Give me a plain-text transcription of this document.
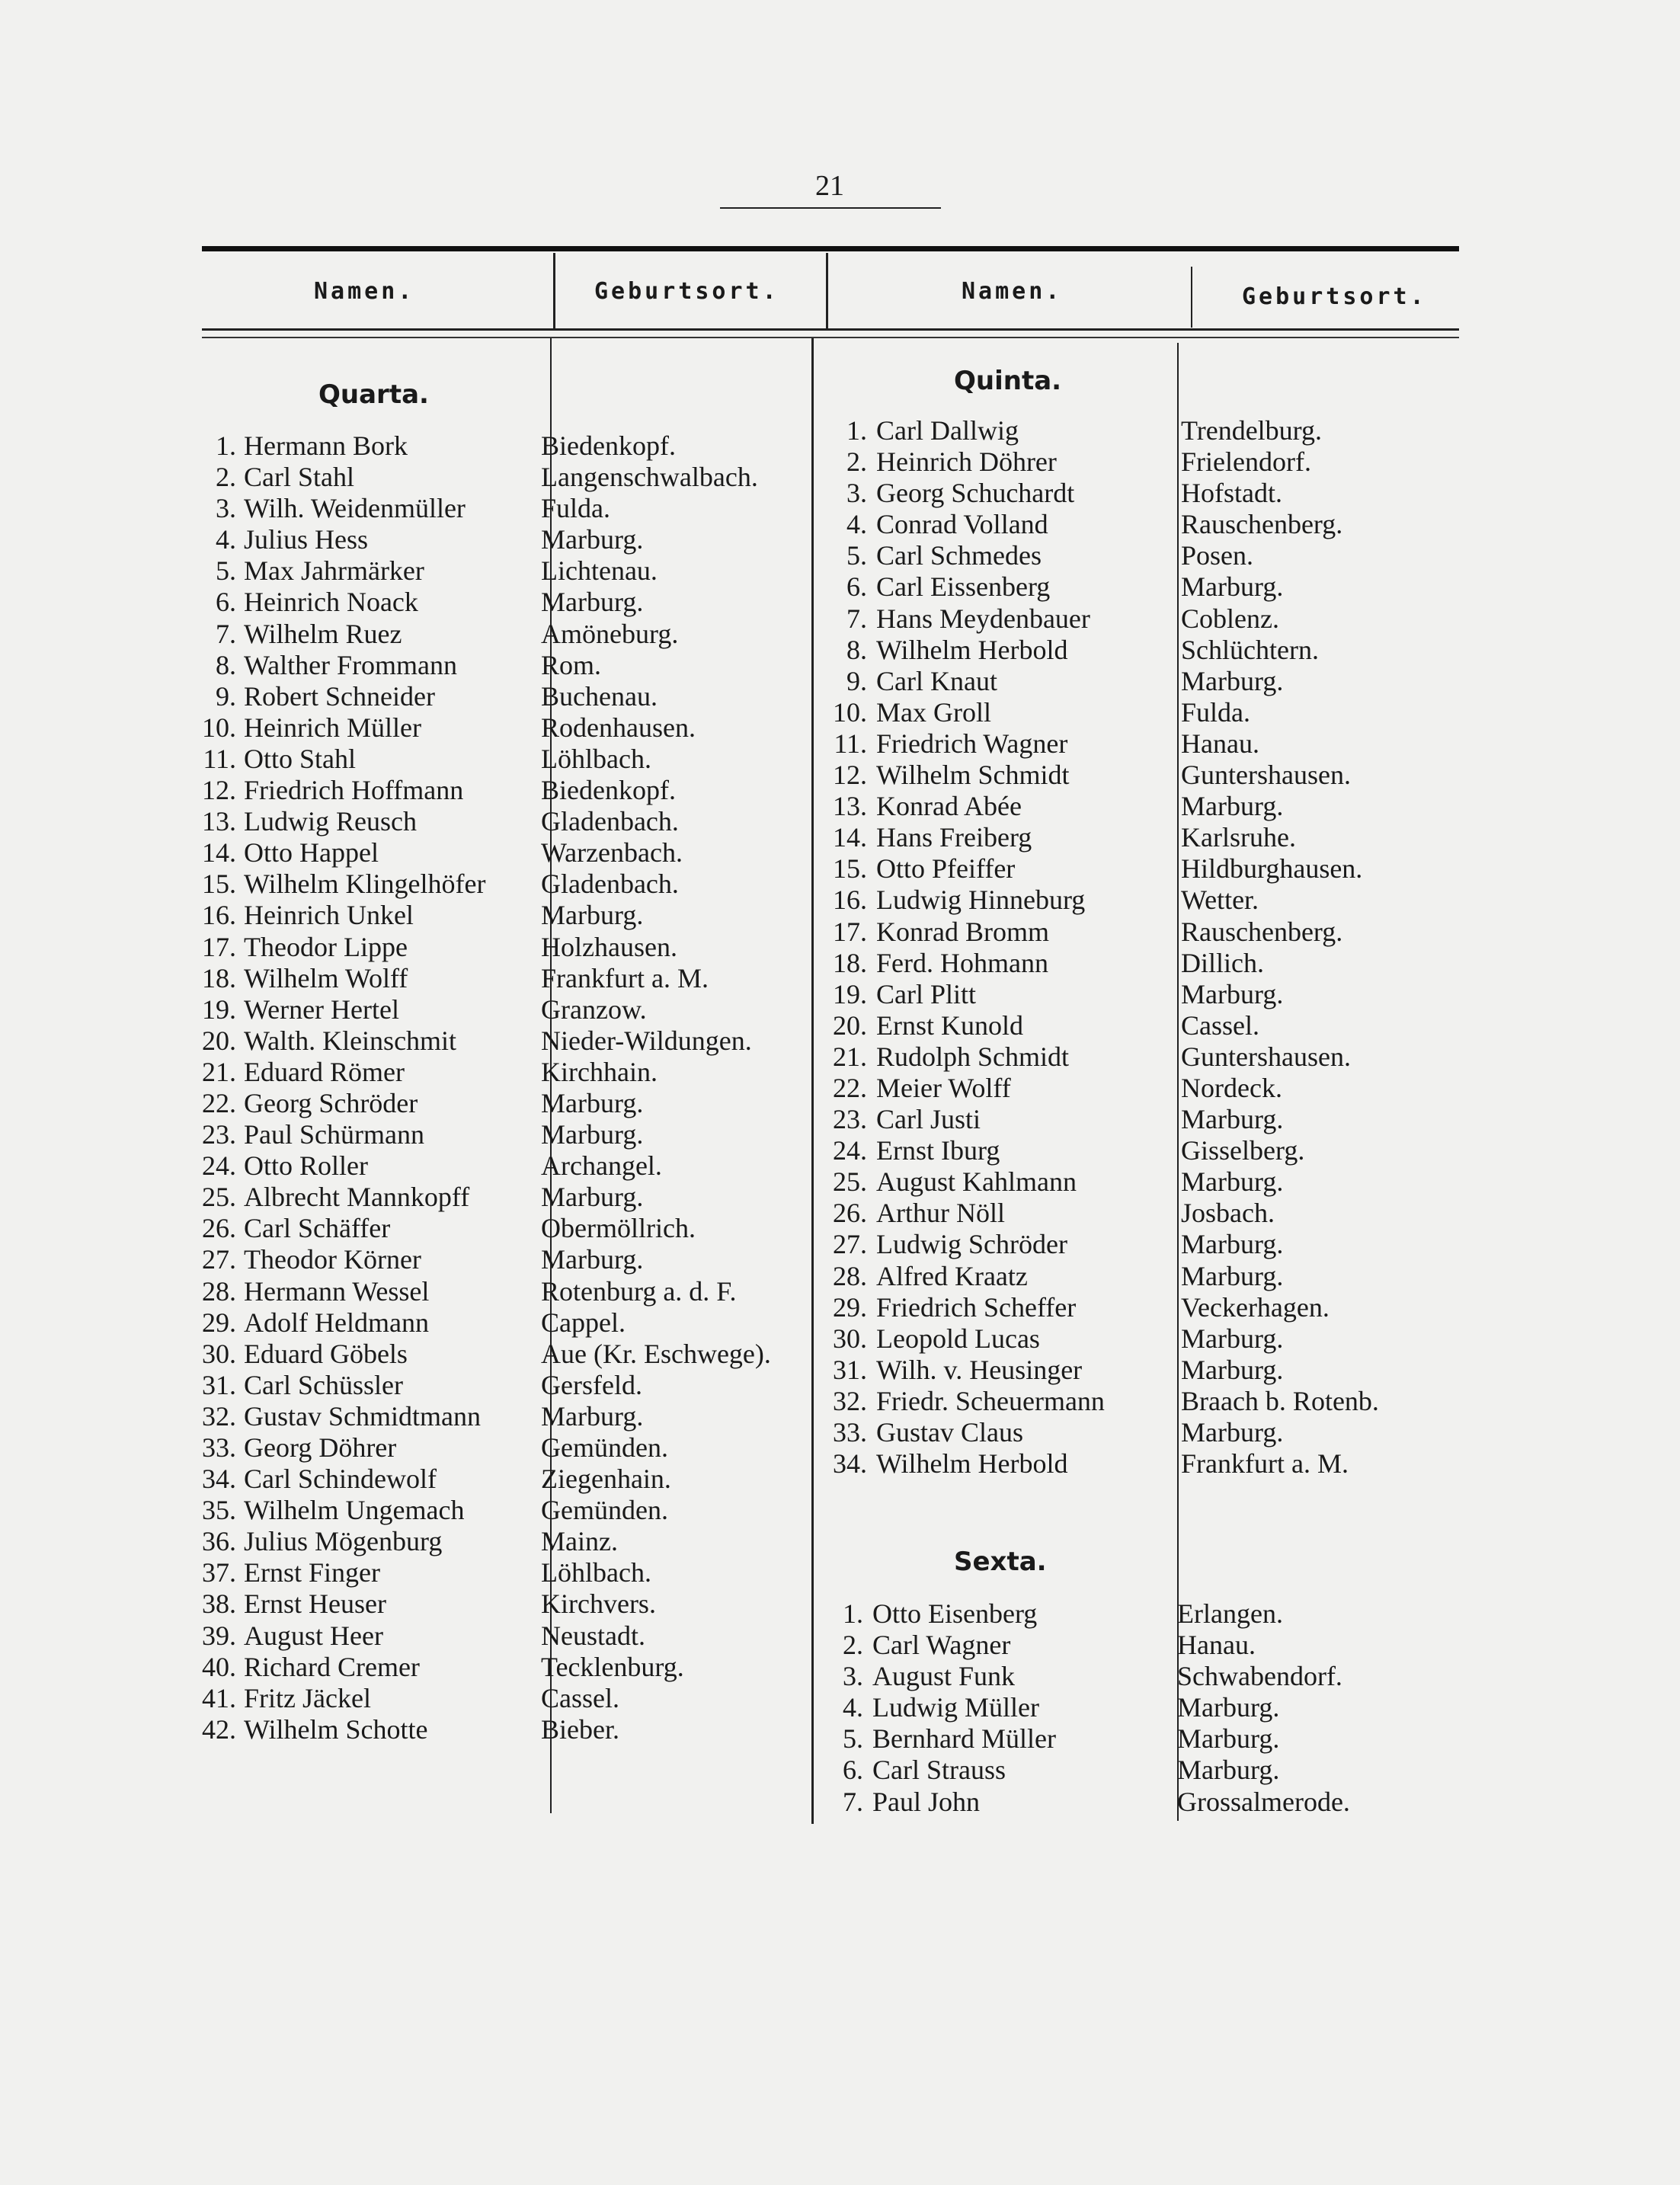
21
Namen.	Geburtsort.	Namen.	Geburtsort.
Quarta.
1. Hermann Bork	Biedenkopf.
2. Carl Stahl	Langenschwalbach.
3. Wilh. Weidenmüller	Fulda.
4. Julius Hess	Marburg.
5. Max Jahrmärker	Lichtenau.
6. Heinrich Noack	Marburg.
7. Wilhelm Ruez	Amöneburg.
8. Walther Frommann	Rom.
9. Robert Schneider	Buchenau.
10. Heinrich Müller	Rodenhausen.
11. Otto Stahl	Löhlbach.
12. Friedrich Hoffmann	Biedenkopf.
13. Ludwig Reusch	Gladenbach.
14. Otto Happel	Warzenbach.
15. Wilhelm Klingelhöfer Gladenbach.
16. Heinrich Unkel	Marburg.
17. Theodor Lippe	Holzhausen.
18. Wilhelm Wolff	Frankfurt a. M.
19. Werner Hertel	Granzow.
20. Walth. Kleinschmit	Nieder-Wildungen.
21. Eduard Römer	Kirchhain.
22. Georg Schröder	Marburg.
23. Paul Schürmann	Marburg.
24. Otto Roller	Archangel.
25. Albrecht Mannkopff	Marburg.
26. Carl Schäffer	Obermöllrich.
27. Theodor Körner	Marburg.
28. Hermann Wessel	Rotenburg a. d. F.
29. Adolf Heldmann	Cappel.
30. Eduard Göbels	Aue (Kr. Eschwege).
31. Carl Schüssler	Gersfeld.
32. Gustav Schmidtmann Marburg.
33. Georg Döhrer	Gemünden.
34. Carl Schindewolf	Ziegenhain.
35. Wilhelm Ungemach	Gemünden.
36. Julius Mögenburg	Mainz.
37. Ernst Finger	Löhlbach.
38. Ernst Heuser	Kirchvers.
39. August Heer	Neustadt.
40. Richard Cremer	Tecklenburg.
41. Fritz Jäckel	Cassel.
42. Wilhelm Schotte	Bieber.
Quinta.
1. Carl Dallwig	Trendelburg.
2. Heinrich Döhrer	Frielendorf.
3. Georg Schuchardt	Hofstadt.
4. Conrad Volland	Rauschenberg.
5. Carl Schmedes	Posen.
6. Carl Eissenberg	Marburg.
7. Hans Meydenbauer	Coblenz.
8. Wilhelm Herbold	Schlüchtern.
9. Carl Knaut	Marburg.
10. Max Groll	Fulda.
11. Friedrich Wagner	Hanau.
12. Wilhelm Schmidt	Guntershausen.
13. Konrad Abée	Marburg.
14. Hans Freiberg	Karlsruhe.
15. Otto Pfeiffer	Hildburghausen.
16. Ludwig Hinneburg	Wetter.
17. Konrad Bromm	Rauschenberg.
18. Ferd. Hohmann	Dillich.
19. Carl Plitt	Marburg.
20. Ernst Kunold	Cassel.
21. Rudolph Schmidt	Guntershausen.
22. Meier Wolff	Nordeck.
23. Carl Justi	Marburg.
24. Ernst Iburg	Gisselberg.
25. August Kahlmann	Marburg.
26. Arthur Nöll	Josbach.
27. Ludwig Schröder	Marburg.
28. Alfred Kraatz	Marburg.
29. Friedrich Scheffer	Veckerhagen.
30. Leopold Lucas	Marburg.
31. Wilh. v. Heusinger	Marburg.
32. Friedr. Scheuermann	Braach b. Rotenb.
33. Gustav Claus	Marburg.
34. Wilhelm Herbold	Frankfurt a. M.
Sexta.
1. Otto Eisenberg	Erlangen.
2. Carl Wagner	Hanau.
3. August Funk	Schwabendorf.
4. Ludwig Müller	Marburg.
5. Bernhard Müller	Marburg.
6. Carl Strauss	Marburg.
7. Paul John	Grossalmerode.
